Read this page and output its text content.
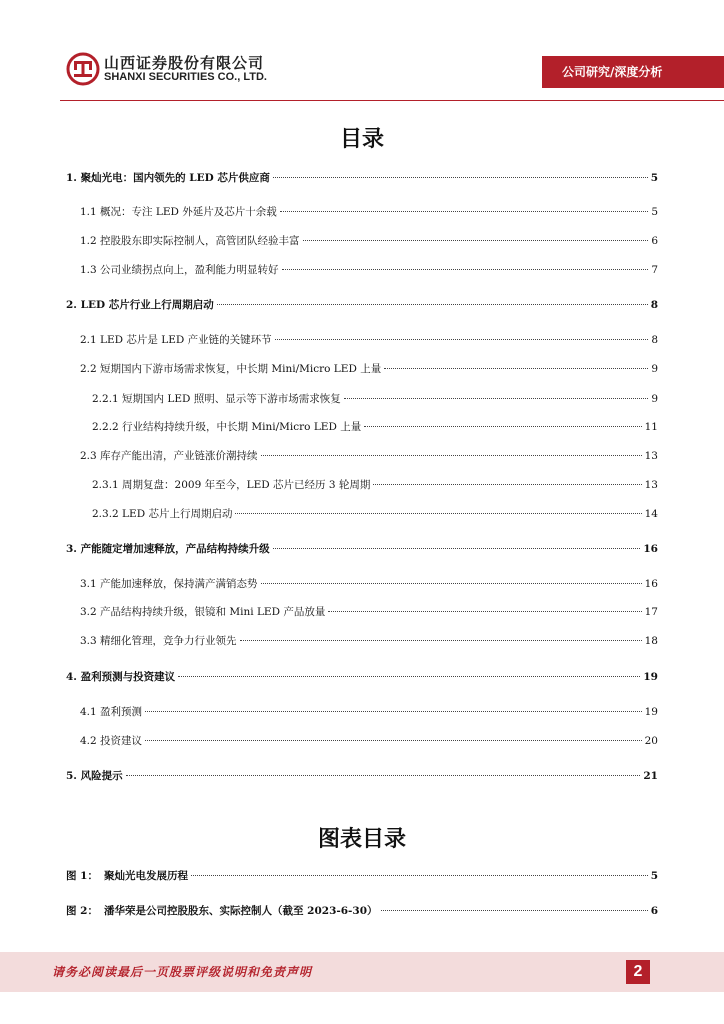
山西证券股份有限公司
SHANXI SECURITIES CO., LTD.	公司研究/深度分析
目录
1. 聚灿光电：国内领先的 LED 芯片供应商	5
1.1 概况：专注 LED 外延片及芯片十余载	5
1.2 控股股东即实际控制人，高管团队经验丰富	6
1.3 公司业绩拐点向上，盈利能力明显转好	7
2. LED 芯片行业上行周期启动	8
2.1 LED 芯片是 LED 产业链的关键环节	8
2.2 短期国内下游市场需求恢复，中长期 Mini/Micro LED 上量	9
2.2.1 短期国内 LED 照明、显示等下游市场需求恢复	9
2.2.2 行业结构持续升级，中长期 Mini/Micro LED 上量	11
2.3 库存产能出清，产业链涨价潮持续	13
2.3.1 周期复盘：2009 年至今，LED 芯片已经历 3 轮周期	13
2.3.2 LED 芯片上行周期启动	14
3. 产能随定增加速释放，产品结构持续升级	16
3.1 产能加速释放，保持满产满销态势	16
3.2 产品结构持续升级，银镜和 Mini LED 产品放量	17
3.3 精细化管理，竞争力行业领先	18
4. 盈利预测与投资建议	19
4.1 盈利预测	19
4.2 投资建议	20
5. 风险提示	21
图表目录
图 1： 聚灿光电发展历程	5
图 2： 潘华荣是公司控股股东、实际控制人（截至 2023-6-30）	6
请务必阅读最后一页股票评级说明和免责声明	2
